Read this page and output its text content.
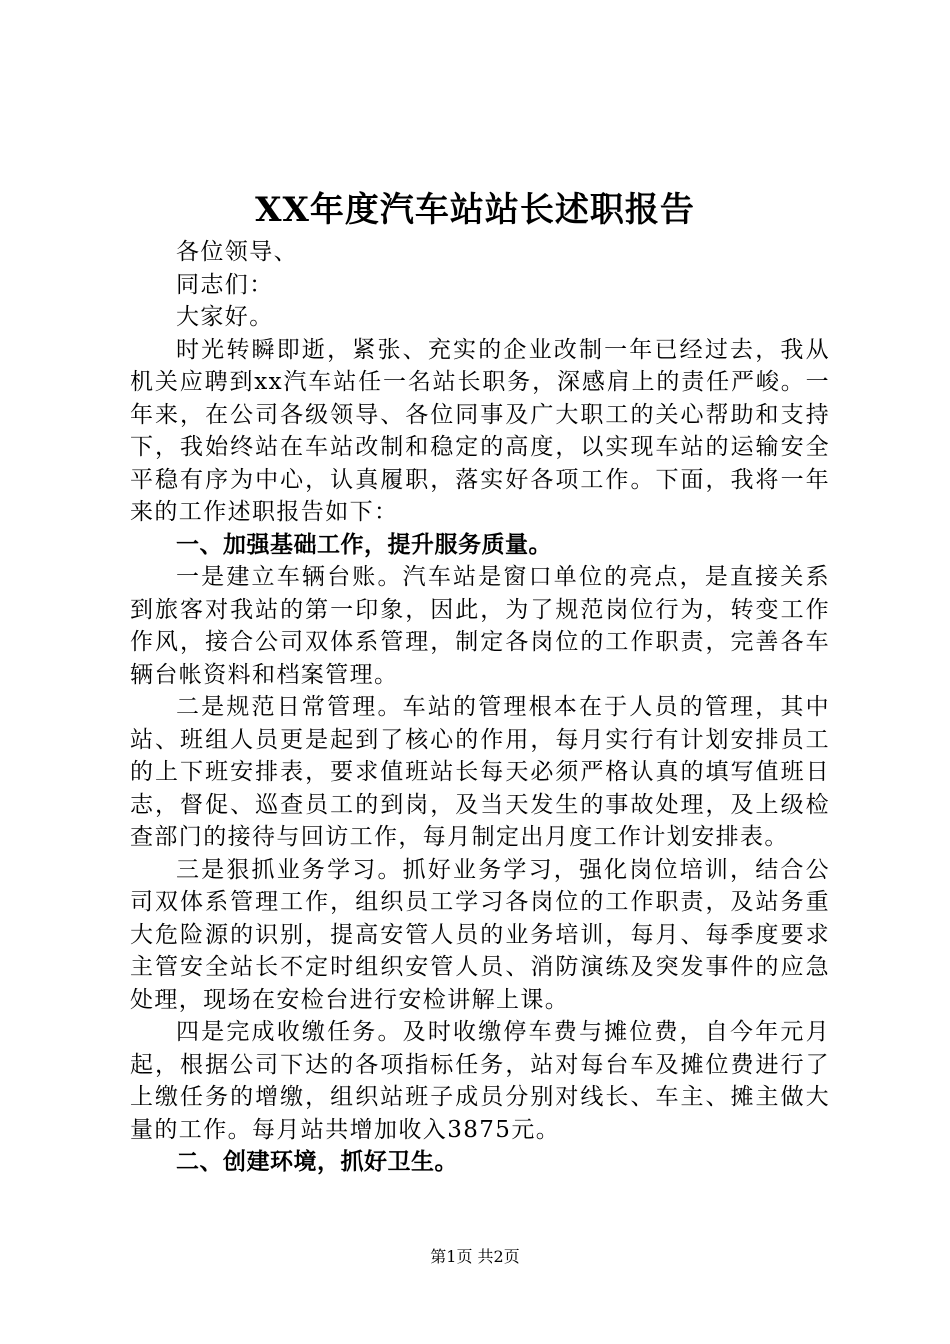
XX年度汽车站站长述职报告

各位领导、

同志们：

大家好。

时光转瞬即逝，紧张、充实的企业改制一年已经过去，我从机关应聘到xx汽车站任一名站长职务，深感肩上的责任严峻。一年来，在公司各级领导、各位同事及广大职工的关心帮助和支持下，我始终站在车站改制和稳定的高度，以实现车站的运输安全平稳有序为中心，认真履职，落实好各项工作。下面，我将一年来的工作述职报告如下：

一、加强基础工作，提升服务质量。

一是建立车辆台账。汽车站是窗口单位的亮点，是直接关系到旅客对我站的第一印象，因此，为了规范岗位行为，转变工作作风，接合公司双体系管理，制定各岗位的工作职责，完善各车辆台帐资料和档案管理。

二是规范日常管理。车站的管理根本在于人员的管理，其中站、班组人员更是起到了核心的作用，每月实行有计划安排员工的上下班安排表，要求值班站长每天必须严格认真的填写值班日志，督促、巡查员工的到岗，及当天发生的事故处理，及上级检查部门的接待与回访工作，每月制定出月度工作计划安排表。

三是狠抓业务学习。抓好业务学习，强化岗位培训，结合公司双体系管理工作，组织员工学习各岗位的工作职责，及站务重大危险源的识别，提高安管人员的业务培训，每月、每季度要求主管安全站长不定时组织安管人员、消防演练及突发事件的应急处理，现场在安检台进行安检讲解上课。

四是完成收缴任务。及时收缴停车费与摊位费，自今年元月起，根据公司下达的各项指标任务，站对每台车及摊位费进行了上缴任务的增缴，组织站班子成员分别对线长、车主、摊主做大量的工作。每月站共增加收入3875元。

二、创建环境，抓好卫生。

第1页 共2页
